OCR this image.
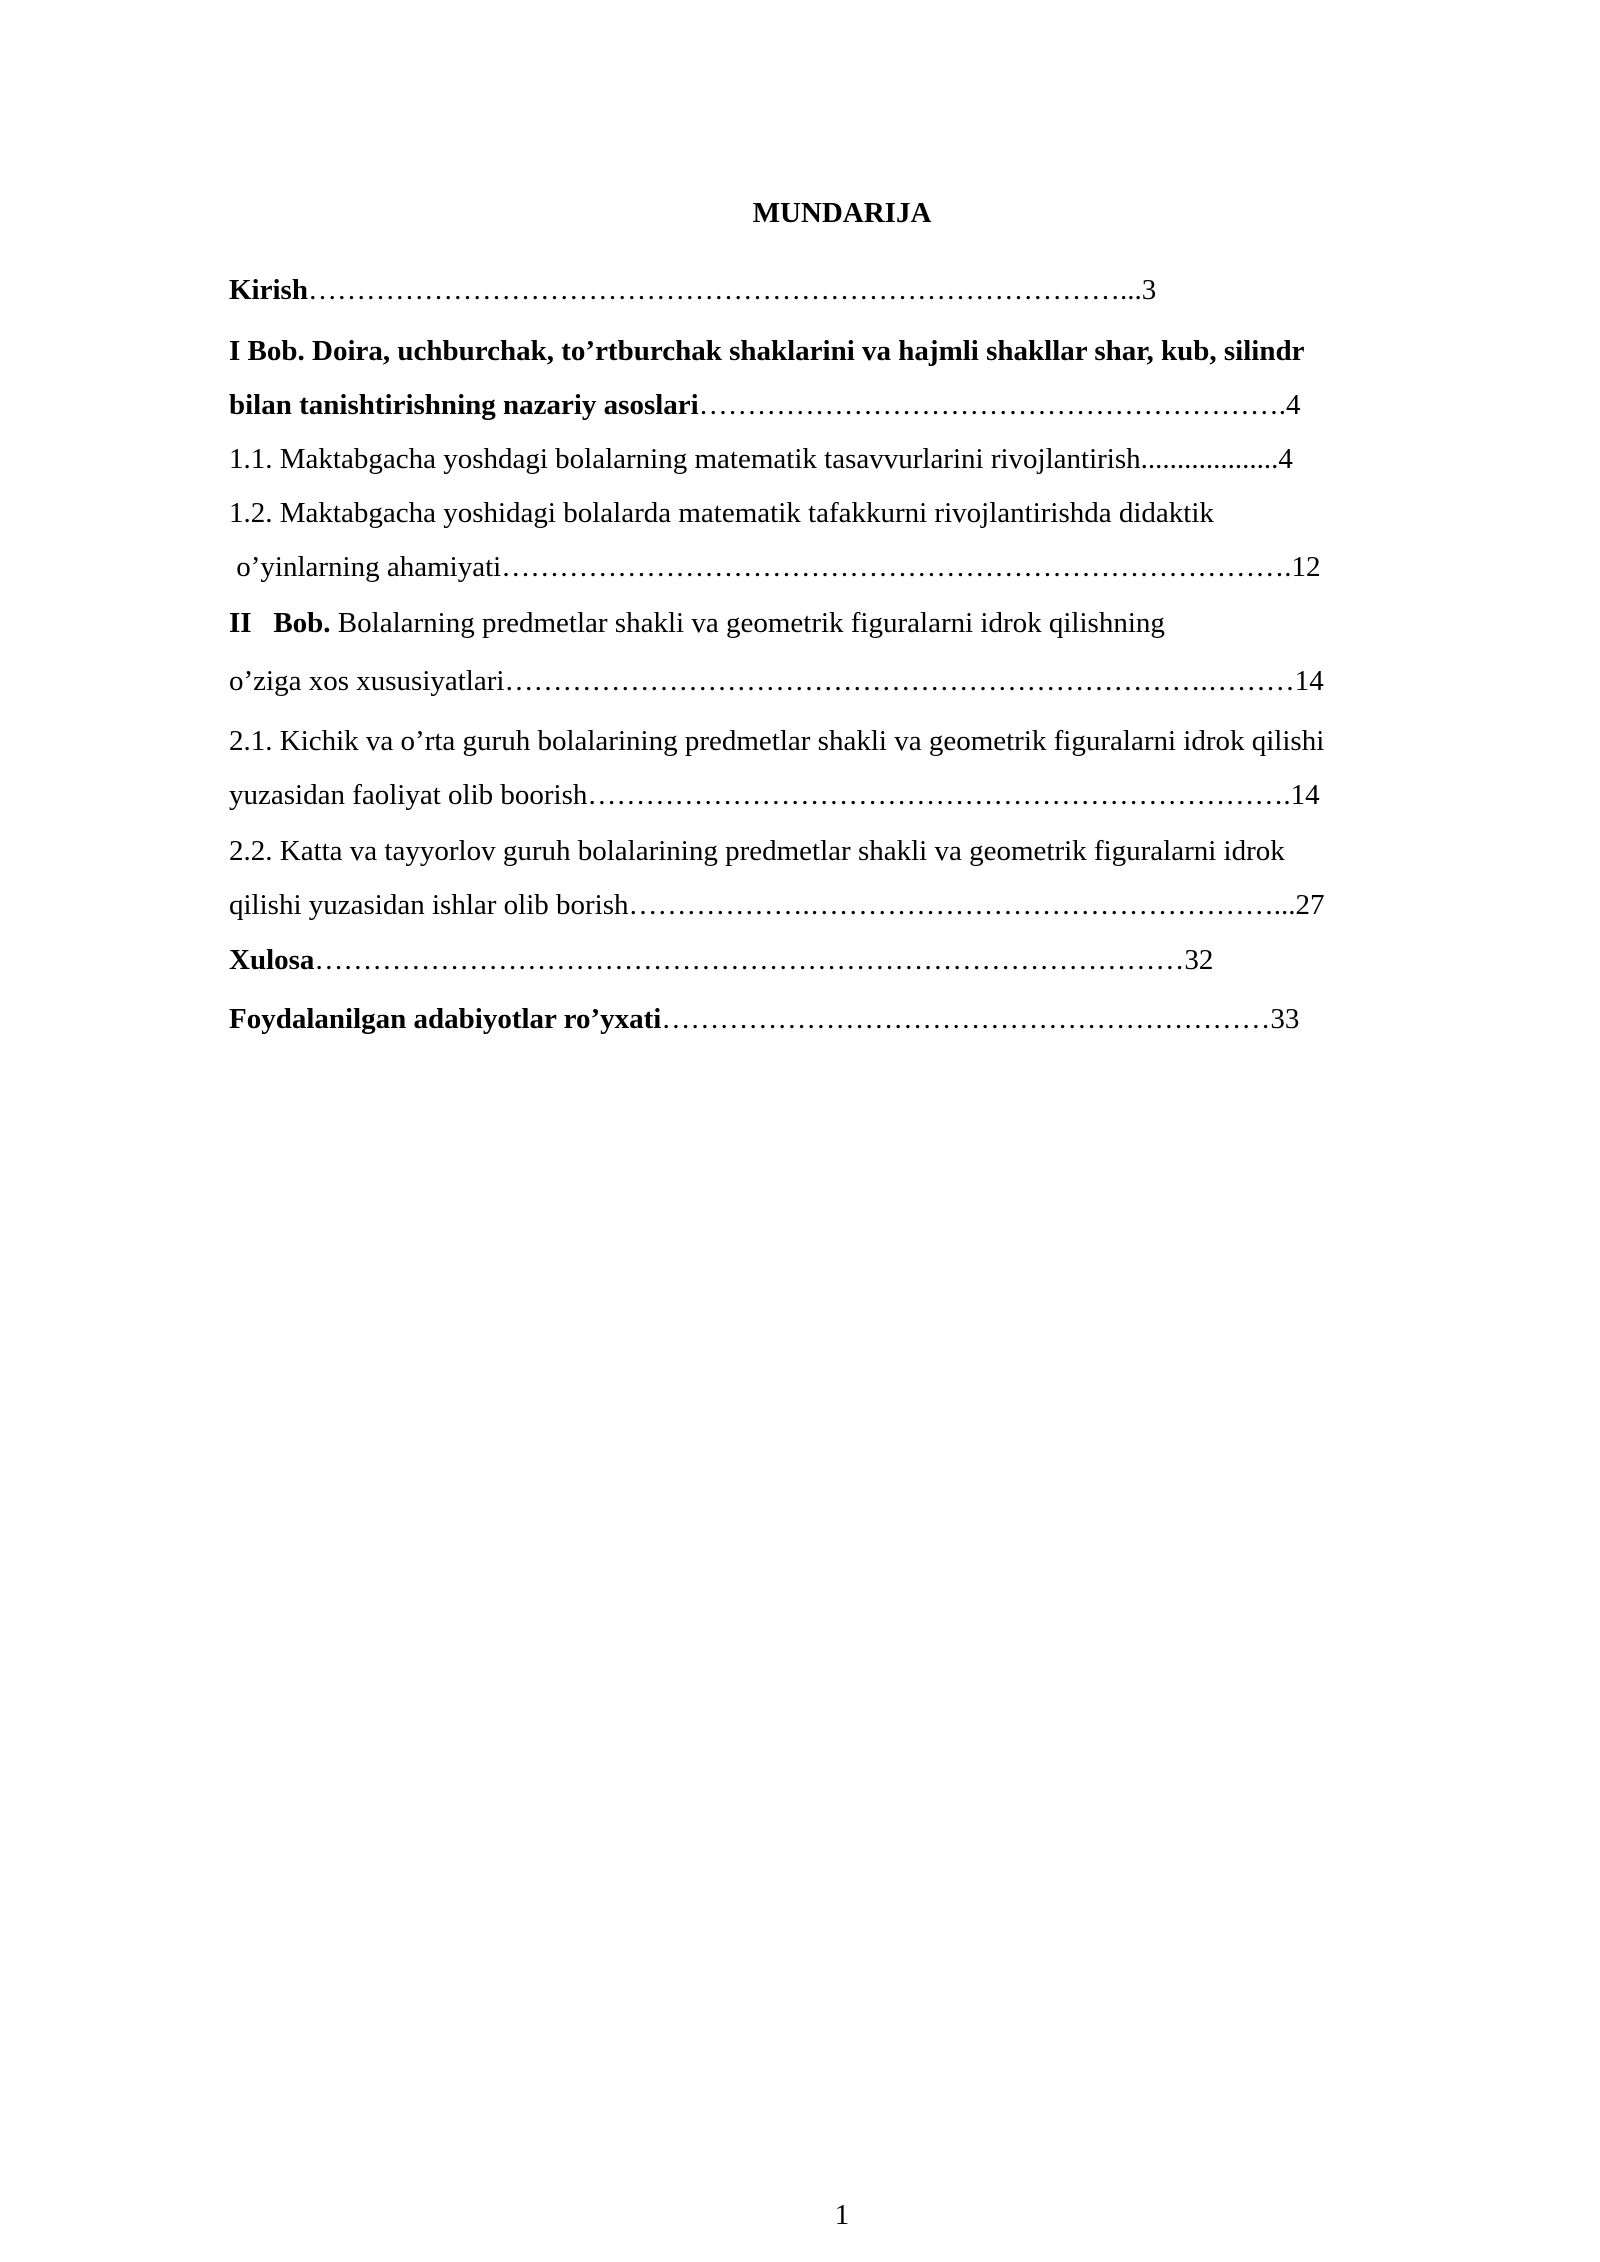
MUNDARIJA
Kirish…………………………………………………………………………...3
I Bob. Doira, uchburchak, to’rtburchak shaklarini va hajmli shakllar shar, kub, silindr
bilan tanishtirishning nazariy asoslari…………………………………………………….4
1.1. Maktabgacha yoshdagi bolalarning matematik tasavvurlarini rivojlantirish...................4
1.2. Maktabgacha yoshidagi bolalarda matematik tafakkurni rivojlantirishda didaktik
o’yinlarning ahamiyati……………………………………………………………………….12
II   Bob. Bolalarning predmetlar shakli va geometrik figuralarni idrok qilishning
o’ziga xos xususiyatlari……………………………………………………………….………14
2.1. Kichik va o’rta guruh bolalarining predmetlar shakli va geometrik figuralarni idrok qilishi
yuzasidan faoliyat olib boorish……………………………………………………………….14
2.2. Katta va tayyorlov guruh bolalarining predmetlar shakli va geometrik figuralarni idrok
qilishi yuzasidan ishlar olib borish……………….…………………………………………...27
Xulosa………………………………………………………………………………32
Foydalanilgan adabiyotlar ro’yxati………………………………………………………33
1
